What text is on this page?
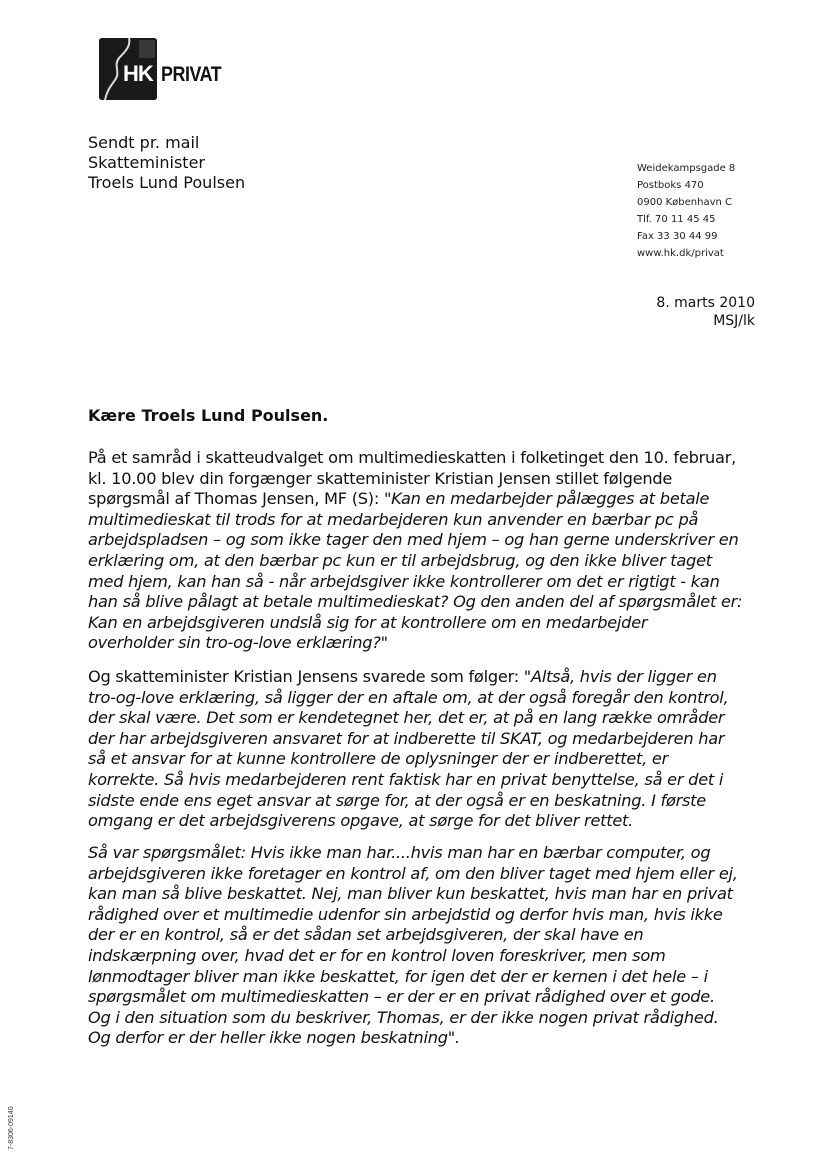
HK PRIVAT
Sendt pr. mail
Skatteminister
Troels Lund Poulsen
Weidekampsgade 8
Postboks 470
0900 København C
Tlf. 70 11 45 45
Fax 33 30 44 99
www.hk.dk/privat
8. marts 2010
MSJ/lk
Kære Troels Lund Poulsen.
På et samråd i skatteudvalget om multimedieskatten i folketinget den 10. februar,
kl. 10.00 blev din forgænger skatteminister Kristian Jensen stillet følgende
spørgsmål af Thomas Jensen, MF (S): "Kan en medarbejder pålægges at betale
multimedieskat til trods for at medarbejderen kun anvender en bærbar pc på
arbejdspladsen – og som ikke tager den med hjem – og han gerne underskriver en
erklæring om, at den bærbar pc kun er til arbejdsbrug, og den ikke bliver taget
med hjem, kan han så - når arbejdsgiver ikke kontrollerer om det er rigtigt - kan
han så blive pålagt at betale multimedieskat? Og den anden del af spørgsmålet er:
Kan en arbejdsgiveren undslå sig for at kontrollere om en medarbejder
overholder sin tro-og-love erklæring?"
Og skatteminister Kristian Jensens svarede som følger: "Altså, hvis der ligger en
tro-og-love erklæring, så ligger der en aftale om, at der også foregår den kontrol,
der skal være. Det som er kendetegnet her, det er, at på en lang række områder
der har arbejdsgiveren ansvaret for at indberette til SKAT, og medarbejderen har
så et ansvar for at kunne kontrollere de oplysninger der er indberettet, er
korrekte. Så hvis medarbejderen rent faktisk har en privat benyttelse, så er det i
sidste ende ens eget ansvar at sørge for, at der også er en beskatning. I første
omgang er det arbejdsgiverens opgave, at sørge for det bliver rettet.
Så var spørgsmålet: Hvis ikke man har....hvis man har en bærbar computer, og
arbejdsgiveren ikke foretager en kontrol af, om den bliver taget med hjem eller ej,
kan man så blive beskattet. Nej, man bliver kun beskattet, hvis man har en privat
rådighed over et multimedie udenfor sin arbejdstid og derfor hvis man, hvis ikke
der er en kontrol, så er det sådan set arbejdsgiveren, der skal have en
indskærpning over, hvad det er for en kontrol loven foreskriver, men som
lønmodtager bliver man ikke beskattet, for igen det der er kernen i det hele – i
spørgsmålet om multimedieskatten – er der er en privat rådighed over et gode.
Og i den situation som du beskriver, Thomas, er der ikke nogen privat rådighed.
Og derfor er der heller ikke nogen beskatning".
7-8306-09140
